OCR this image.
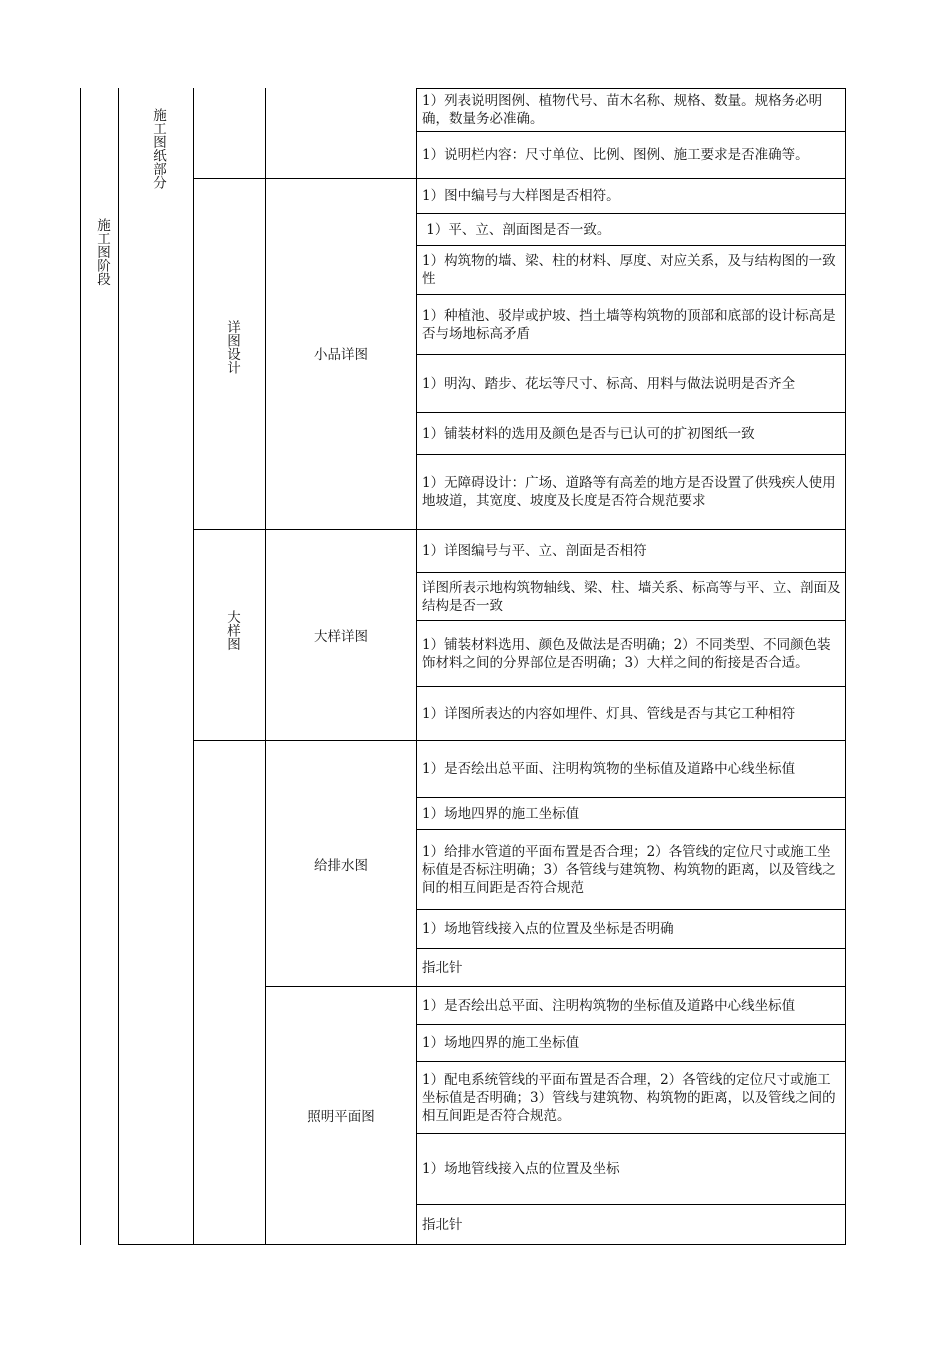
施工图阶段
施工图纸部分
详图设计
大样图
小品详图
大样详图
给排水图
照明平面图
1）列表说明图例、植物代号、苗木名称、规格、数量。规格务必明确，数量务必准确。
1）说明栏内容：尺寸单位、比例、图例、施工要求是否准确等。
1）图中编号与大样图是否相符。
1）平、立、剖面图是否一致。
1）构筑物的墙、梁、柱的材料、厚度、对应关系，及与结构图的一致性
1）种植池、驳岸或护坡、挡土墙等构筑物的顶部和底部的设计标高是否与场地标高矛盾
1）明沟、踏步、花坛等尺寸、标高、用料与做法说明是否齐全
1）铺装材料的选用及颜色是否与已认可的扩初图纸一致
1）无障碍设计：广场、道路等有高差的地方是否设置了供残疾人使用地坡道，其宽度、坡度及长度是否符合规范要求
1）详图编号与平、立、剖面是否相符
详图所表示地构筑物轴线、梁、柱、墙关系、标高等与平、立、剖面及结构是否一致
1）铺装材料选用、颜色及做法是否明确；2）不同类型、不同颜色装饰材料之间的分界部位是否明确；3）大样之间的衔接是否合适。
1）详图所表达的内容如埋件、灯具、管线是否与其它工种相符
1）是否绘出总平面、注明构筑物的坐标值及道路中心线坐标值
1）场地四界的施工坐标值
1）给排水管道的平面布置是否合理；2）各管线的定位尺寸或施工坐标值是否标注明确；3）各管线与建筑物、构筑物的距离，以及管线之间的相互间距是否符合规范
1）场地管线接入点的位置及坐标是否明确
指北针
1）是否绘出总平面、注明构筑物的坐标值及道路中心线坐标值
1）场地四界的施工坐标值
1）配电系统管线的平面布置是否合理，2）各管线的定位尺寸或施工坐标值是否明确；3）管线与建筑物、构筑物的距离，以及管线之间的相互间距是否符合规范。
1）场地管线接入点的位置及坐标
指北针
